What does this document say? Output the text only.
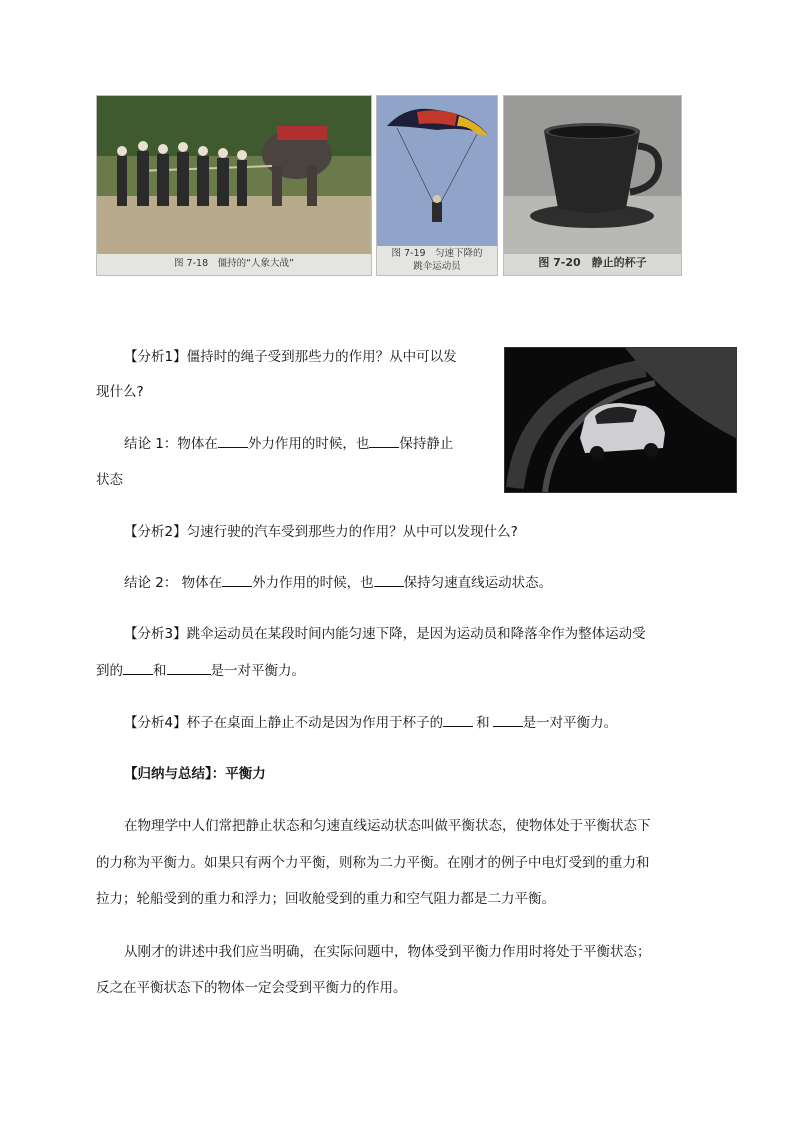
图 7-18　僵持的“人象大战”
图 7-19　匀速下降的
跳伞运动员	图 7-20　静止的杯子
【分析1】僵持时的绳子受到那些力的作用？从中可以发
现什么?
结论 1：物体在 外力作用的时候，也 保持静止
状态
【分析2】匀速行驶的汽车受到那些力的作用？从中可以发现什么?
结论 2： 物体在 外力作用的时候，也 保持匀速直线运动状态。
【分析3】跳伞运动员在某段时间内能匀速下降，是因为运动员和降落伞作为整体运动受
到的 和	是一对平衡力。
【分析4】杯子在桌面上静止不动是因为作用于杯子的 和 是一对平衡力。
【归纳与总结】：平衡力
在物理学中人们常把静止状态和匀速直线运动状态叫做平衡状态，使物体处于平衡状态下
的力称为平衡力。如果只有两个力平衡，则称为二力平衡。在刚才的例子中电灯受到的重力和
拉力；轮船受到的重力和浮力；回收舱受到的重力和空气阻力都是二力平衡。
从刚才的讲述中我们应当明确，在实际问题中，物体受到平衡力作用时将处于平衡状态；
反之在平衡状态下的物体一定会受到平衡力的作用。
